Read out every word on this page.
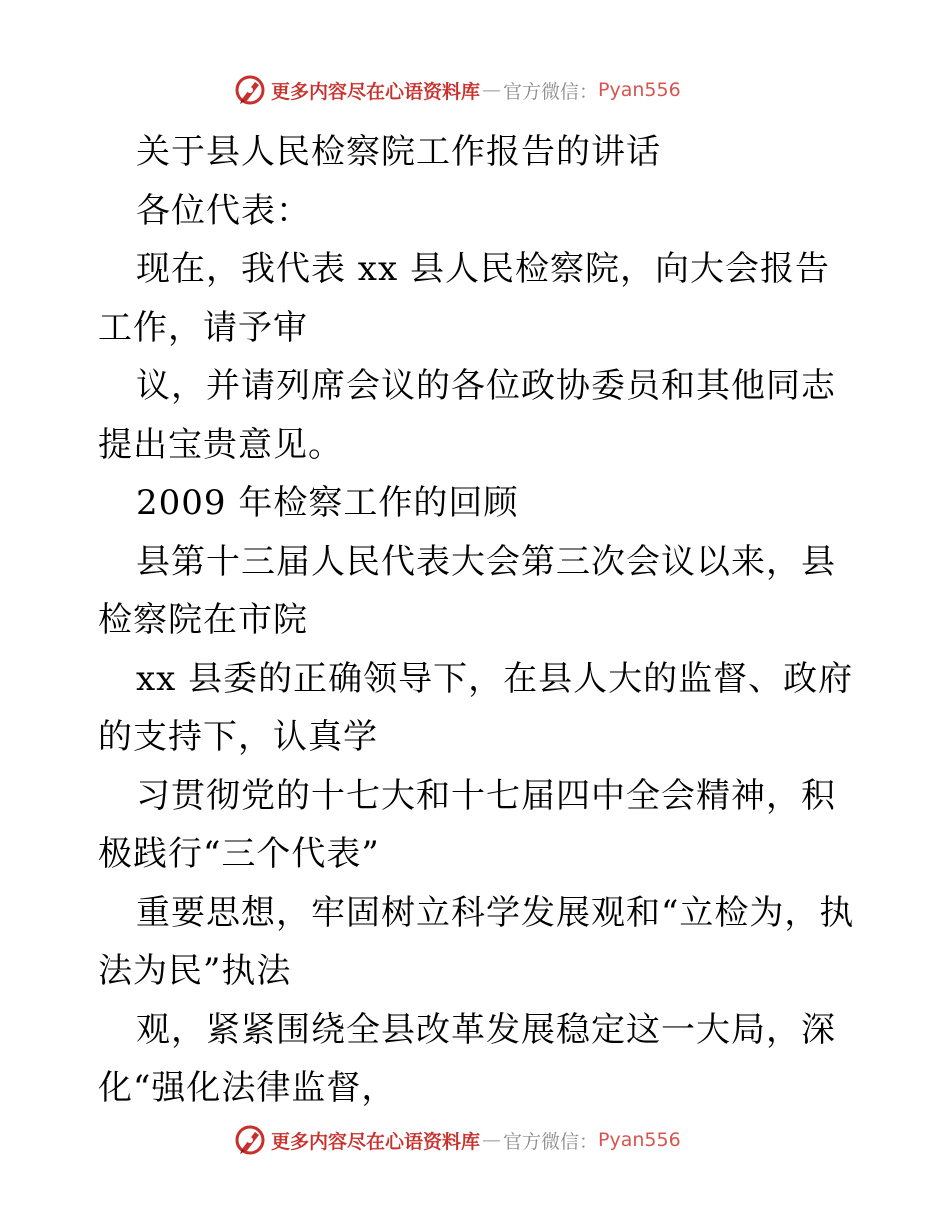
更多内容尽在心语资料库 — 官方微信： Pyan556

关于县人民检察院工作报告的讲话

各位代表：

现在，我代表 xx 县人民检察院，向大会报告工作，请予审

议，并请列席会议的各位政协委员和其他同志提出宝贵意见。

2009 年检察工作的回顾

县第十三届人民代表大会第三次会议以来，县检察院在市院

xx 县委的正确领导下，在县人大的监督、政府的支持下，认真学

习贯彻党的十七大和十七届四中全会精神，积极践行“三个代表”

重要思想，牢固树立科学发展观和“立检为，执法为民”执法

观，紧紧围绕全县改革发展稳定这一大局，深化“强化法律监督，

更多内容尽在心语资料库 — 官方微信： Pyan556
